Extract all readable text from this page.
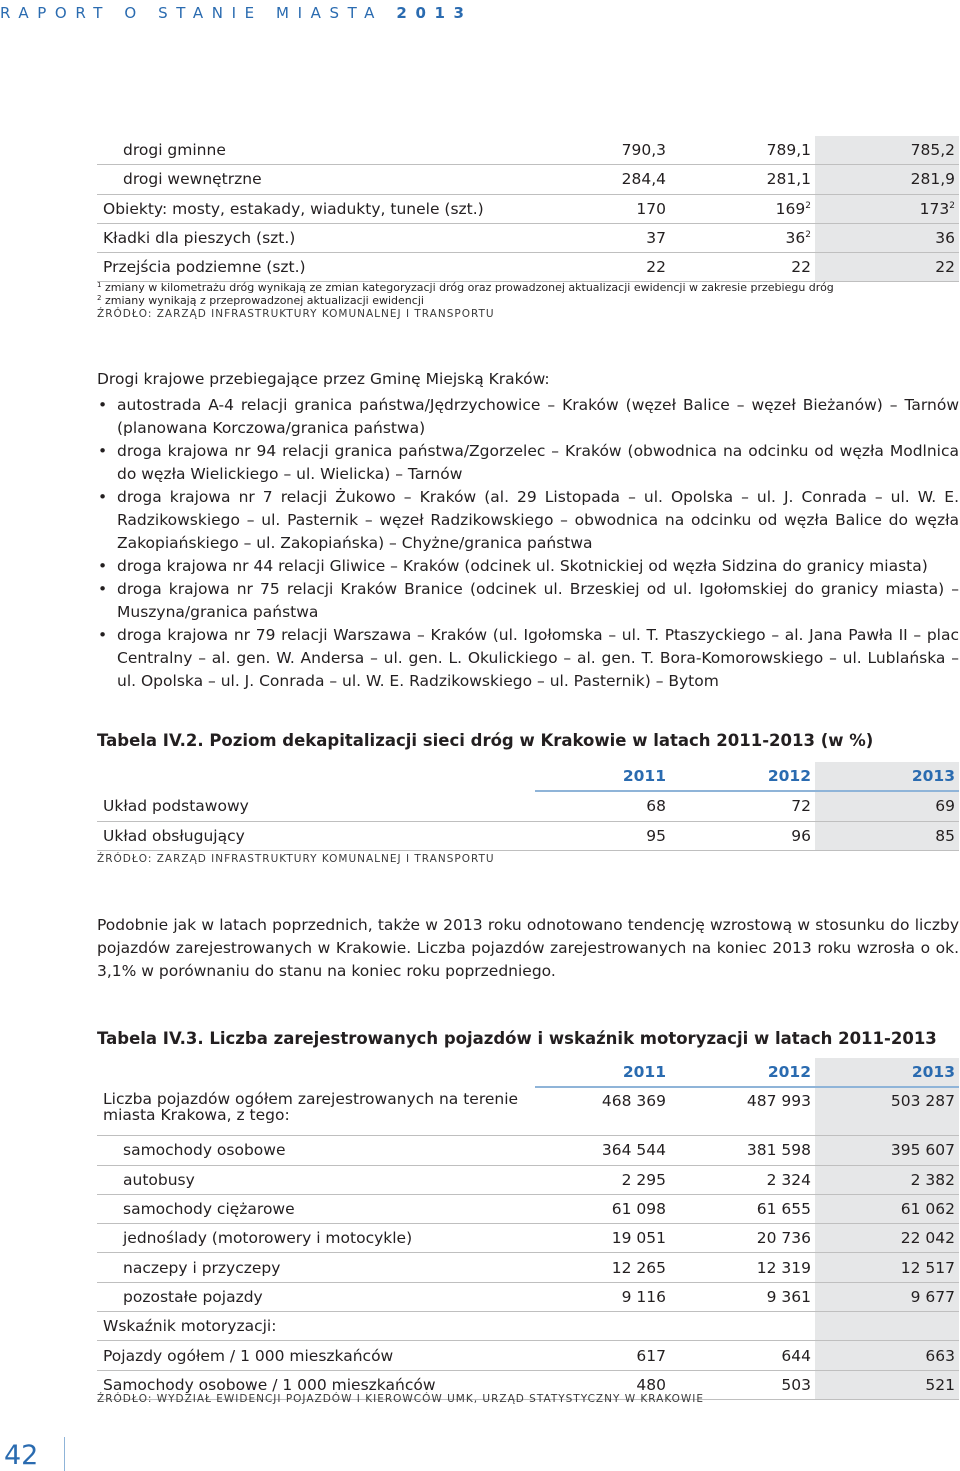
RAPORT O STANIE MIASTA 2013
drogi gminne	790,3	789,1	785,2
drogi wewnętrzne	284,4	281,1	281,9
Obiekty: mosty, estakady, wiadukty, tunele (szt.)	170	$169^2$	$173^2$
Kładki dla pieszych (szt.)	37	$36^2$	36
Przejścia podziemne (szt.)	22	22	22
$^1$ zmiany w kilometrażu dróg wynikają ze zmian kategoryzacji dróg oraz prowadzonej aktualizacji ewidencji w zakresie przebiegu dróg
$^2$ zmiany wynikają z przeprowadzonej aktualizacji ewidencji
ŹRÓDŁO: ZARZĄD INFRASTRUKTURY KOMUNALNEJ I TRANSPORTU
Drogi krajowe przebiegające przez Gminę Miejską Kraków:
• autostrada A-4 relacji granica państwa/Jędrzychowice – Kraków (węzeł Balice – węzeł Bieżanów) – Tarnów (planowana Korczowa/granica państwa)
• droga krajowa nr 94 relacji granica państwa/Zgorzelec – Kraków (obwodnica na odcinku od węzła Modlnica do węzła Wielickiego – ul. Wielicka) – Tarnów
• droga krajowa nr 7 relacji Żukowo – Kraków (al. 29 Listopada – ul. Opolska – ul. J. Conrada – ul. W. E. Radzikowskiego – ul. Pasternik – węzeł Radzikowskiego – obwodnica na odcinku od węzła Balice do węzła Zakopiańskiego – ul. Zakopiańska) – Chyżne/granica państwa
• droga krajowa nr 44 relacji Gliwice – Kraków (odcinek ul. Skotnickiej od węzła Sidzina do granicy miasta)
• droga krajowa nr 75 relacji Kraków Branice (odcinek ul. Brzeskiej od ul. Igołomskiej do granicy miasta) – Muszyna/granica państwa
• droga krajowa nr 79 relacji Warszawa – Kraków (ul. Igołomska – ul. T. Ptaszyckiego – al. Jana Pawła II – plac Centralny – al. gen. W. Andersa – ul. gen. L. Okulickiego – al. gen. T. Bora-Komorowskiego – ul. Lublańska – ul. Opolska – ul. J. Conrada – ul. W. E. Radzikowskiego – ul. Pasternik) – Bytom
Tabela IV.2. Poziom dekapitalizacji sieci dróg w Krakowie w latach 2011-2013 (w %)
	2011	2012	2013
Układ podstawowy	68	72	69
Układ obsługujący	95	96	85
ŹRÓDŁO: ZARZĄD INFRASTRUKTURY KOMUNALNEJ I TRANSPORTU
Podobnie jak w latach poprzednich, także w 2013 roku odnotowano tendencję wzrostową w stosunku do liczby pojazdów zarejestrowanych w Krakowie. Liczba pojazdów zarejestrowanych na koniec 2013 roku wzrosła o ok. 3,1% w porównaniu do stanu na koniec roku poprzedniego.
Tabela IV.3. Liczba zarejestrowanych pojazdów i wskaźnik motoryzacji w latach 2011-2013
	2011	2012	2013
Liczba pojazdów ogółem zarejestrowanych na terenie
miasta Krakowa, z tego:	468 369	487 993	503 287
samochody osobowe	364 544	381 598	395 607
autobusy	2 295	2 324	2 382
samochody ciężarowe	61 098	61 655	61 062
jednoślady (motorowery i motocykle)	19 051	20 736	22 042
naczepy i przyczepy	12 265	12 319	12 517
pozostałe pojazdy	9 116	9 361	9 677
Wskaźnik motoryzacji:			
Pojazdy ogółem / 1 000 mieszkańców	617	644	663
Samochody osobowe / 1 000 mieszkańców	480	503	521
ŹRÓDŁO: WYDZIAŁ EWIDENCJI POJAZDÓW I KIEROWCÓW UMK, URZĄD STATYSTYCZNY W KRAKOWIE
42
